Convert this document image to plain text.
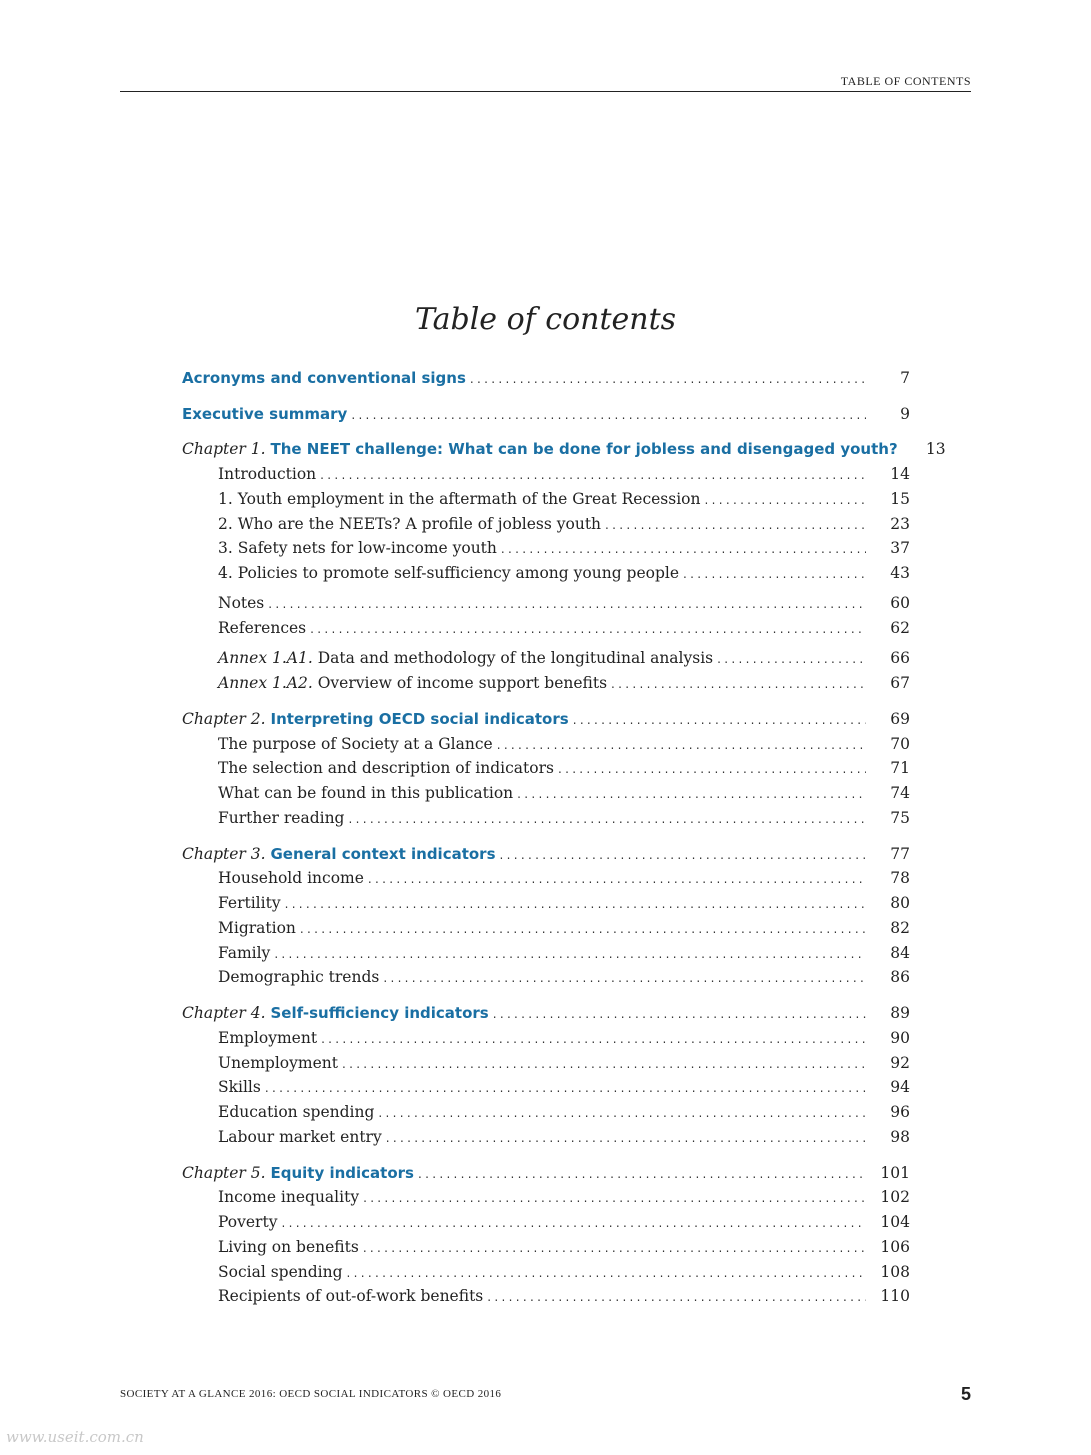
TABLE OF CONTENTS
Table of contents
Acronyms and conventional signs .....	7
Executive summary .....	9
Chapter 1. The NEET challenge: What can be done for jobless and disengaged youth?	13
Introduction .....	14
1. Youth employment in the aftermath of the Great Recession .....	15
2. Who are the NEETs? A profile of jobless youth .....	23
3. Safety nets for low-income youth .....	37
4. Policies to promote self-sufficiency among young people .....	43
Notes .....	60
References .....	62
Annex 1.A1. Data and methodology of the longitudinal analysis .....	66
Annex 1.A2. Overview of income support benefits .....	67
Chapter 2. Interpreting OECD social indicators .....	69
The purpose of Society at a Glance .....	70
The selection and description of indicators .....	71
What can be found in this publication .....	74
Further reading .....	75
Chapter 3. General context indicators .....	77
Household income .....	78
Fertility .....	80
Migration .....	82
Family .....	84
Demographic trends .....	86
Chapter 4. Self-sufficiency indicators .....	89
Employment .....	90
Unemployment .....	92
Skills .....	94
Education spending .....	96
Labour market entry .....	98
Chapter 5. Equity indicators .....	101
Income inequality .....	102
Poverty .....	104
Living on benefits .....	106
Social spending .....	108
Recipients of out-of-work benefits .....	110
SOCIETY AT A GLANCE 2016: OECD SOCIAL INDICATORS © OECD 2016	5
www.useit.com.cn
